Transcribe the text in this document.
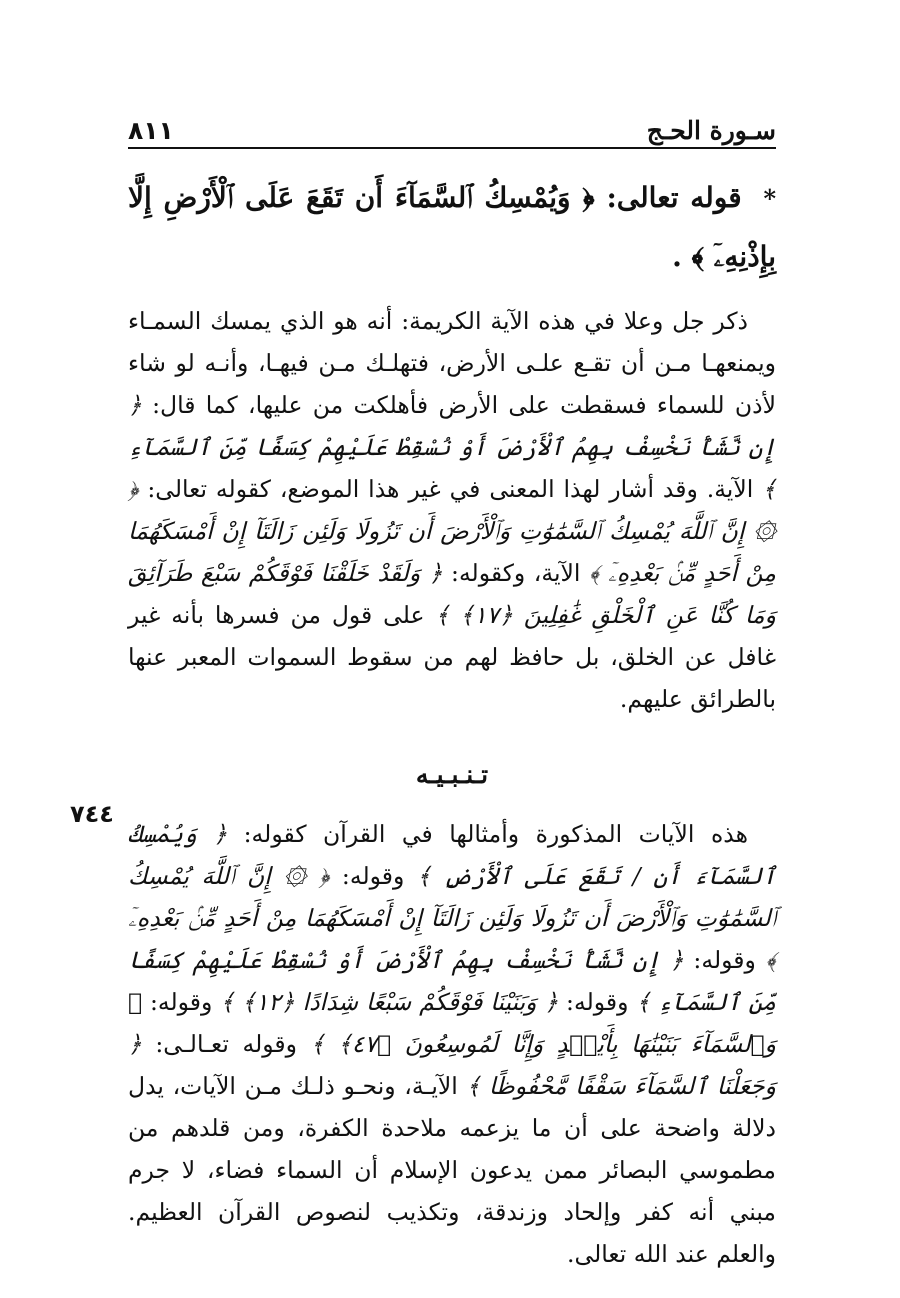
سـورة الحـج
٨١١
* قوله تعالى: ﴿ وَيُمْسِكُ ٱلسَّمَآءَ أَن تَقَعَ عَلَى ٱلْأَرْضِ إِلَّا بِإِذْنِهِۦٓ ﴾ .

ذكر جل وعلا في هذه الآية الكريمة: أنه هو الذي يمسك السمـاء ويمنعهـا مـن أن تقـع علـى الأرض، فتهلـك مـن فيهـا، وأنـه لو شاء لأذن للسماء فسقطت على الأرض فأهلكت من عليها، كما قال: ﴿ إِن نَّشَأْ نَخْسِفْ بِهِمُ ٱلْأَرْضَ أَوْ نُسْقِطْ عَلَيْهِمْ كِسَفًا مِّنَ ٱلسَّمَآءِ ﴾ الآية. وقد أشار لهذا المعنى في غير هذا الموضع، كقوله تعالى: ﴿ ۞ إِنَّ ٱللَّهَ يُمْسِكُ ٱلسَّمَٰوَٰتِ وَٱلْأَرْضَ أَن تَزُولَا وَلَئِن زَالَتَآ إِنْ أَمْسَكَهُمَا مِنْ أَحَدٍ مِّنۢ بَعْدِهِۦٓ ﴾ الآية، وكقوله: ﴿ وَلَقَدْ خَلَقْنَا فَوْقَكُمْ سَبْعَ طَرَآئِقَ وَمَا كُنَّا عَنِ ٱلْخَلْقِ غَٰفِلِينَ ﴿١٧﴾ ﴾ على قول من فسرها بأنه غير غافل عن الخلق، بل حافظ لهم من سقوط السموات المعبر عنها بالطرائق عليهم.

تـنـبـيـه

هذه الآيات المذكورة وأمثالها في القرآن كقوله: ﴿ وَيُمْسِكُ ٱلسَّمَآءَ أَن / تَقَعَ عَلَى ٱلْأَرْضِ ﴾ وقوله: ﴿ ۞ إِنَّ ٱللَّهَ يُمْسِكُ ٱلسَّمَٰوَٰتِ وَٱلْأَرْضَ أَن تَزُولَا وَلَئِن زَالَتَآ إِنْ أَمْسَكَهُمَا مِنْ أَحَدٍ مِّنۢ بَعْدِهِۦٓ ﴾ وقوله: ﴿ إِن نَّشَأْ نَخْسِفْ بِهِمُ ٱلْأَرْضَ أَوْ نُسْقِطْ عَلَيْهِمْ كِسَفًا مِّنَ ٱلسَّمَآءِ ﴾ وقوله: ﴿ وَبَنَيْنَا فَوْقَكُمْ سَبْعًا شِدَادًا ﴿١٢﴾ ﴾ وقوله: ﴿ وَٱلسَّمَآءَ بَنَيْنَٰهَا بِأَيْي۟دٍ وَإِنَّا لَمُوسِعُونَ ﴿٤٧﴾ ﴾ وقوله تعـالـى: ﴿ وَجَعَلْنَا ٱلسَّمَآءَ سَقْفًا مَّحْفُوظًا ﴾ الآيـة، ونحـو ذلـك مـن الآيات، يدل دلالة واضحة على أن ما يزعمه ملاحدة الكفرة، ومن قلدهم من مطموسي البصائر ممن يدعون الإسلام أن السماء فضاء، لا جرم مبني أنه كفر وإلحاد وزندقة، وتكذيب لنصوص القرآن العظيم. والعلم عند الله تعالى.

٧٤٤
